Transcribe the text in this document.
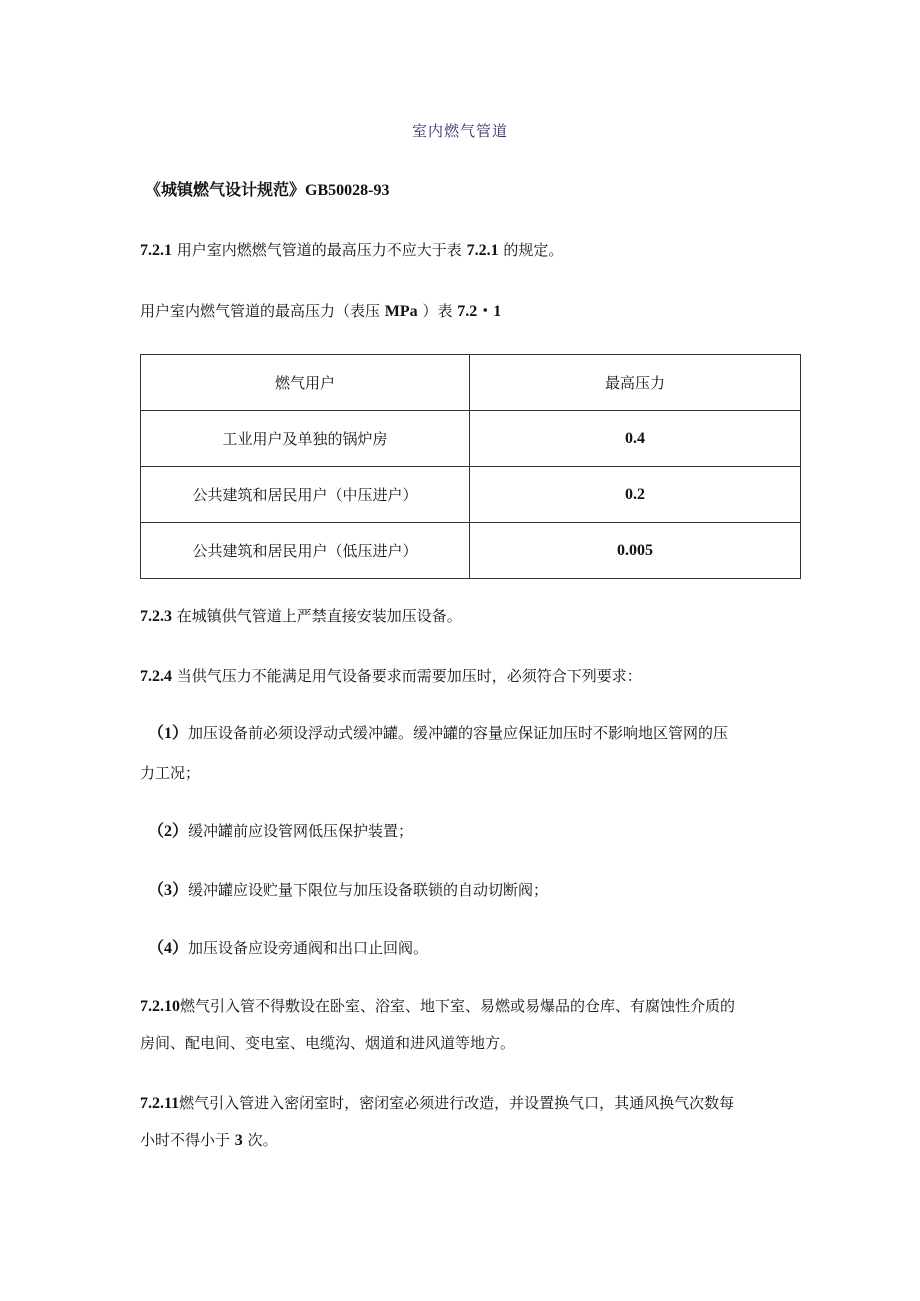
室内燃气管道
《城镇燃气设计规范》GB50028-93
7.2.1 用户室内燃燃气管道的最高压力不应大于表 7.2.1 的规定。
用户室内燃气管道的最高压力（表压 MPa ）表 7.2・1
燃气用户	最高压力
工业用户及单独的锅炉房	0.4
公共建筑和居民用户（中压进户）	0.2
公共建筑和居民用户（低压进户）	0.005
7.2.3 在城镇供气管道上严禁直接安装加压设备。
7.2.4 当供气压力不能满足用气设备要求而需要加压时，必须符合下列要求：
（1）加压设备前必须设浮动式缓冲罐。缓冲罐的容量应保证加压时不影响地区管网的压
力工况；
（2）缓冲罐前应设管网低压保护装置；
（3）缓冲罐应设贮量下限位与加压设备联锁的自动切断阀；
（4）加压设备应设旁通阀和出口止回阀。
7.2.10燃气引入管不得敷设在卧室、浴室、地下室、易燃或易爆品的仓库、有腐蚀性介质的
房间、配电间、变电室、电缆沟、烟道和进风道等地方。
7.2.11燃气引入管进入密闭室时，密闭室必须进行改造，并设置换气口，其通风换气次数每
小时不得小于 3 次。
